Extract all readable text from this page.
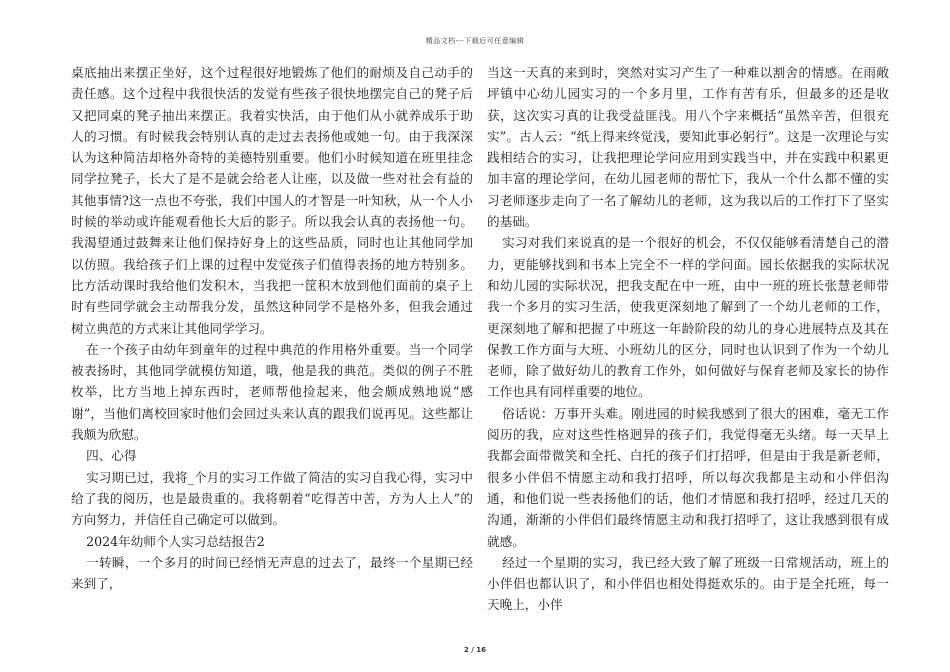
精品文档---下载后可任意编辑

桌底抽出来摆正坐好，这个过程很好地锻炼了他们的耐烦及自己动手的责任感。这个过程中我很快活的发觉有些孩子很快地摆完自己的凳子后又把同桌的凳子抽出来摆正。我着实快活，由于他们从小就养成乐于助人的习惯。有时候我会特别认真的走过去表扬他或她一句。由于我深深认为这种简洁却格外奇特的美德特别重要。他们小时候知道在班里挂念同学拉凳子，长大了是不是就会给老人让座，以及做一些对社会有益的其他事情?这一点也不夸张，我们中国人的才智是一叶知秋，从一个人小时候的举动或许能观看他长大后的影子。所以我会认真的表扬他一句。我渴望通过鼓舞来让他们保持好身上的这些品质，同时也让其他同学加以仿照。我给孩子们上课的过程中发觉孩子们值得表扬的地方特别多。比方活动课时我给他们发积木，当我把一筐积木放到他们面前的桌子上时有些同学就会主动帮我分发，虽然这种同学不是格外多，但我会通过树立典范的方式来让其他同学学习。

在一个孩子由幼年到童年的过程中典范的作用格外重要。当一个同学被表扬时，其他同学就模仿知道，哦，他是我的典范。类似的例子不胜枚举，比方当地上掉东西时，老师帮他捡起来，他会颇成熟地说“感谢”，当他们离校回家时他们会回过头来认真的跟我们说再见。这些都让我颇为欣慰。

四、心得

实习期已过，我将_个月的实习工作做了简洁的实习自我心得，实习中给了我的阅历，也是最贵重的。我将朝着“吃得苦中苦，方为人上人”的方向努力，并信任自己确定可以做到。

2024年幼师个人实习总结报告2

一转瞬，一个多月的时间已经悄无声息的过去了，最终一个星期已经来到了，

当这一天真的来到时，突然对实习产生了一种难以割舍的情感。在雨敞坪镇中心幼儿园实习的一个多月里，工作有苦有乐，但最多的还是收获，这次实习真的让我受益匪浅。用八个字来概括“虽然辛苦，但很充实”。古人云：“纸上得来终觉浅，要知此事必躬行”。这是一次理论与实践相结合的实习，让我把理论学问应用到实践当中，并在实践中积累更加丰富的理论学问，在幼儿园老师的帮忙下，我从一个什么都不懂的实习老师逐步走向了一名了解幼儿的老师，这为我以后的工作打下了坚实的基础。

实习对我们来说真的是一个很好的机会，不仅仅能够看清楚自己的潜力，更能够找到和书本上完全不一样的学问面。园长依据我的实际状况和幼儿园的实际状况，把我支配在中一班，由中一班的班长张慧老师带我一个多月的实习生活，使我更深刻地了解到了一个幼儿老师的工作，更深刻地了解和把握了中班这一年龄阶段的幼儿的身心进展特点及其在保教工作方面与大班、小班幼儿的区分，同时也认识到了作为一个幼儿老师，除了做好幼儿的教育工作外，如何做好与保育老师及家长的协作工作也具有同样重要的地位。

俗话说：万事开头难。刚进园的时候我感到了很大的困难，毫无工作阅历的我，应对这些性格迥异的孩子们，我觉得毫无头绪。每一天早上我都会面带微笑和全托、白托的孩子们打招呼，但是由于我是新老师，很多小伴侣不情愿主动和我打招呼，所以每次我都是主动和小伴侣沟通，和他们说一些表扬他们的话，他们才情愿和我打招呼，经过几天的沟通，渐渐的小伴侣们最终情愿主动和我打招呼了，这让我感到很有成就感。

经过一个星期的实习，我已经大致了解了班级一日常规活动，班上的小伴侣也都认识了，和小伴侣也相处得挺欢乐的。由于是全托班，每一天晚上，小伴

2 / 16
